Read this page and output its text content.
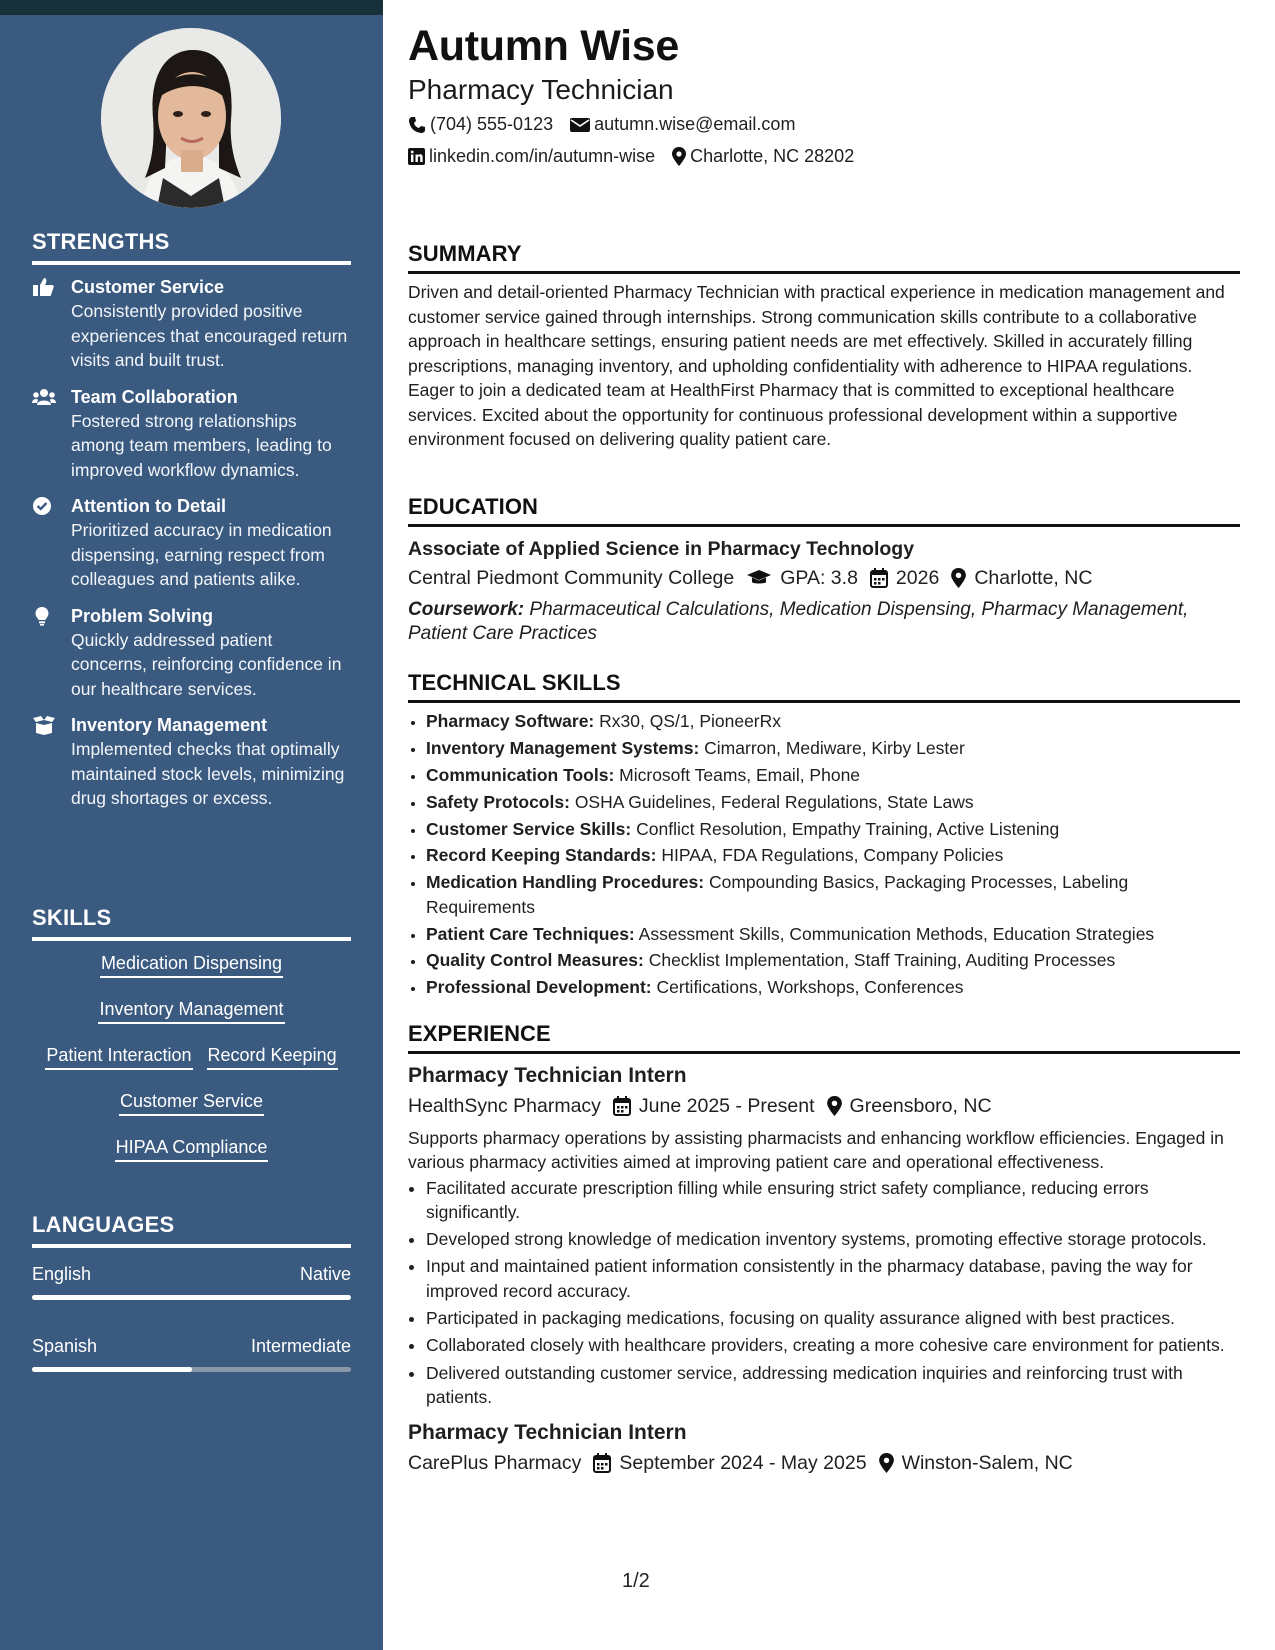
STRENGTHS
Customer Service
Consistently provided positive experiences that encouraged return visits and built trust.
Team Collaboration
Fostered strong relationships among team members, leading to improved workflow dynamics.
Attention to Detail
Prioritized accuracy in medication dispensing, earning respect from colleagues and patients alike.
Problem Solving
Quickly addressed patient concerns, reinforcing confidence in our healthcare services.
Inventory Management
Implemented checks that optimally maintained stock levels, minimizing drug shortages or excess.
SKILLS
Medication Dispensing
Inventory Management
Patient Interaction Record Keeping
Customer Service
HIPAA Compliance
LANGUAGES
English	Native
Spanish	Intermediate
Autumn Wise
Pharmacy Technician
(704) 555-0123 autumn.wise@email.com
linkedin.com/in/autumn-wise Charlotte, NC 28202
SUMMARY

Driven and detail-oriented Pharmacy Technician with practical experience in medication management and customer service gained through internships. Strong communication skills contribute to a collaborative approach in healthcare settings, ensuring patient needs are met effectively. Skilled in accurately filling prescriptions, managing inventory, and upholding confidentiality with adherence to HIPAA regulations. Eager to join a dedicated team at HealthFirst Pharmacy that is committed to exceptional healthcare services. Excited about the opportunity for continuous professional development within a supportive environment focused on delivering quality patient care.

EDUCATION
Associate of Applied Science in Pharmacy Technology
Central Piedmont Community College GPA: 3.8 2026 Charlotte, NC
Coursework: Pharmaceutical Calculations, Medication Dispensing, Pharmacy Management, Patient Care Practices
TECHNICAL SKILLS
• Pharmacy Software: Rx30, QS/1, PioneerRx
• Inventory Management Systems: Cimarron, Mediware, Kirby Lester
• Communication Tools: Microsoft Teams, Email, Phone
• Safety Protocols: OSHA Guidelines, Federal Regulations, State Laws
• Customer Service Skills: Conflict Resolution, Empathy Training, Active Listening
• Record Keeping Standards: HIPAA, FDA Regulations, Company Policies
• Medication Handling Procedures: Compounding Basics, Packaging Processes, Labeling Requirements
• Patient Care Techniques: Assessment Skills, Communication Methods, Education Strategies
• Quality Control Measures: Checklist Implementation, Staff Training, Auditing Processes
• Professional Development: Certifications, Workshops, Conferences
EXPERIENCE
Pharmacy Technician Intern
HealthSync Pharmacy June 2025 - Present Greensboro, NC
Supports pharmacy operations by assisting pharmacists and enhancing workflow efficiencies. Engaged in various pharmacy activities aimed at improving patient care and operational effectiveness.
• Facilitated accurate prescription filling while ensuring strict safety compliance, reducing errors significantly.
• Developed strong knowledge of medication inventory systems, promoting effective storage protocols.
• Input and maintained patient information consistently in the pharmacy database, paving the way for improved record accuracy.
• Participated in packaging medications, focusing on quality assurance aligned with best practices.
• Collaborated closely with healthcare providers, creating a more cohesive care environment for patients.
• Delivered outstanding customer service, addressing medication inquiries and reinforcing trust with patients.
Pharmacy Technician Intern
CarePlus Pharmacy September 2024 - May 2025 Winston-Salem, NC
1/2
